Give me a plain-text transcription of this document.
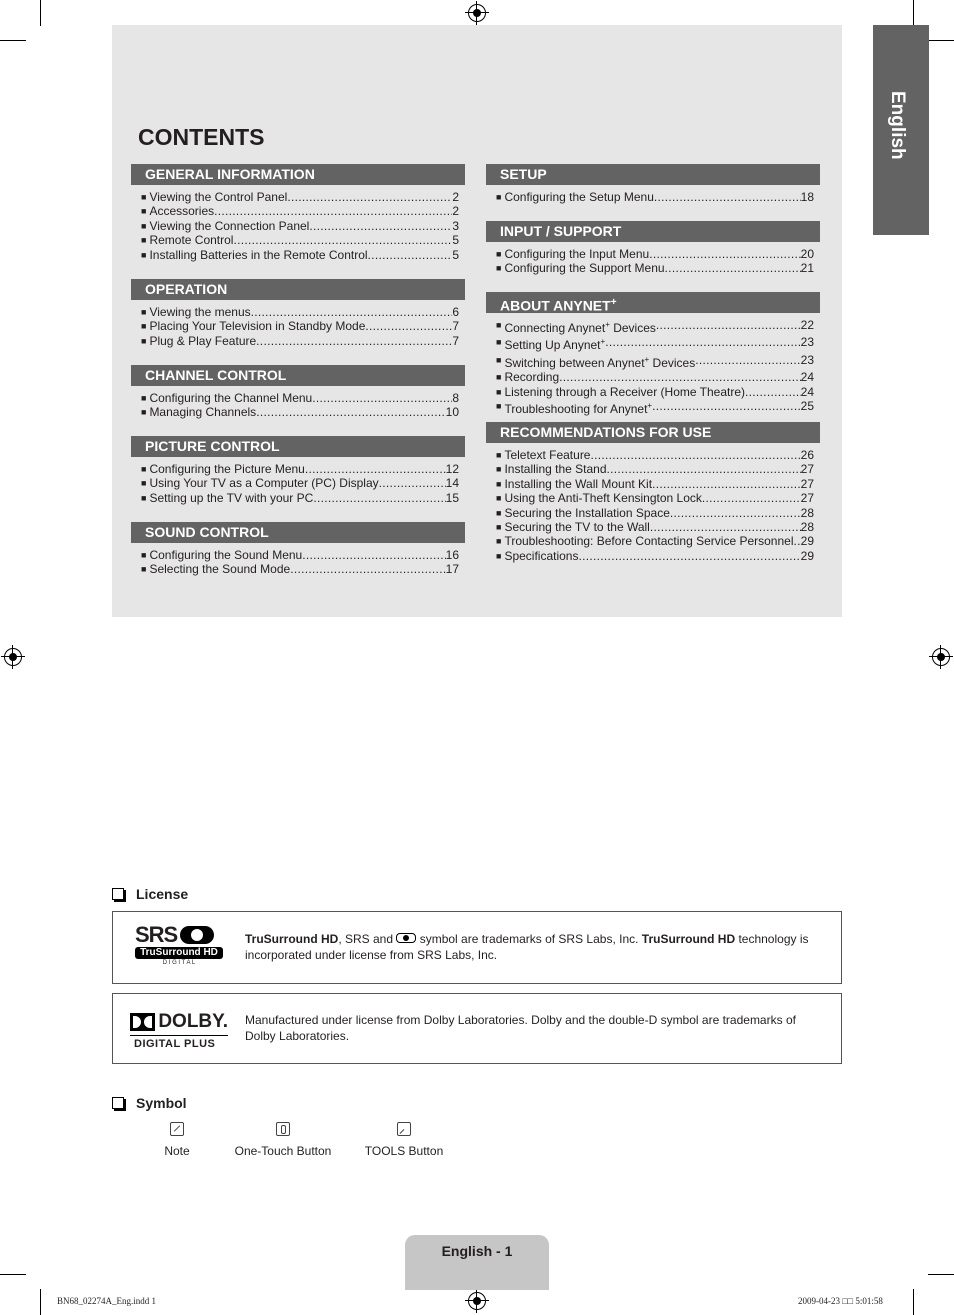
English
CONTENTS
GENERAL INFORMATION
■ Viewing the Control Panel .....	2
■ Accessories .....	2
■ Viewing the Connection Panel .....	3
■ Remote Control .....	5
■ Installing Batteries in the Remote Control .....	5
OPERATION
■ Viewing the menus .....	6
■ Placing Your Television in Standby Mode .....	7
■ Plug & Play Feature .....	7
CHANNEL CONTROL
■ Configuring the Channel Menu .....	8
■ Managing Channels .....	10
PICTURE CONTROL
■ Configuring the Picture Menu .....	12
■ Using Your TV as a Computer (PC) Display .....	14
■ Setting up the TV with your PC .....	15
SOUND CONTROL
■ Configuring the Sound Menu .....	16
■ Selecting the Sound Mode .....	17
SETUP
■ Configuring the Setup Menu .....	18
INPUT / SUPPORT
■ Configuring the Input Menu .....	20
■ Configuring the Support Menu .....	21
ABOUT ANYNET+
■ Connecting Anynet+ Devices .....	22
■ Setting Up Anynet+ .....	23
■ Switching between Anynet+ Devices .....	23
■ Recording .....	24
■ Listening through a Receiver (Home Theatre) .....	24
■ Troubleshooting for Anynet+ .....	25
RECOMMENDATIONS FOR USE
■ Teletext Feature .....	26
■ Installing the Stand .....	27
■ Installing the Wall Mount Kit .....	27
■ Using the Anti-Theft Kensington Lock .....	27
■ Securing the Installation Space .....	28
■ Securing the TV to the Wall .....	28
■ Troubleshooting: Before Contacting Service Personnel ..... 29
■ Specifications .....	29
License
SRS
TruSurround HD
D I G I T A L
TruSurround HD, SRS and
symbol are trademarks of SRS Labs, Inc. TruSurround HD technology is incorporated under license from SRS Labs, Inc.
DOLBY.
DIGITAL PLUS
Manufactured under license from Dolby Laboratories. Dolby and the double-D symbol are trademarks of Dolby Laboratories.
Symbol
Note	One-Touch Button	TOOLS Button
English - 1
BN68_02274A_Eng.indd 1	2009-04-23 □□ 5:01:58
